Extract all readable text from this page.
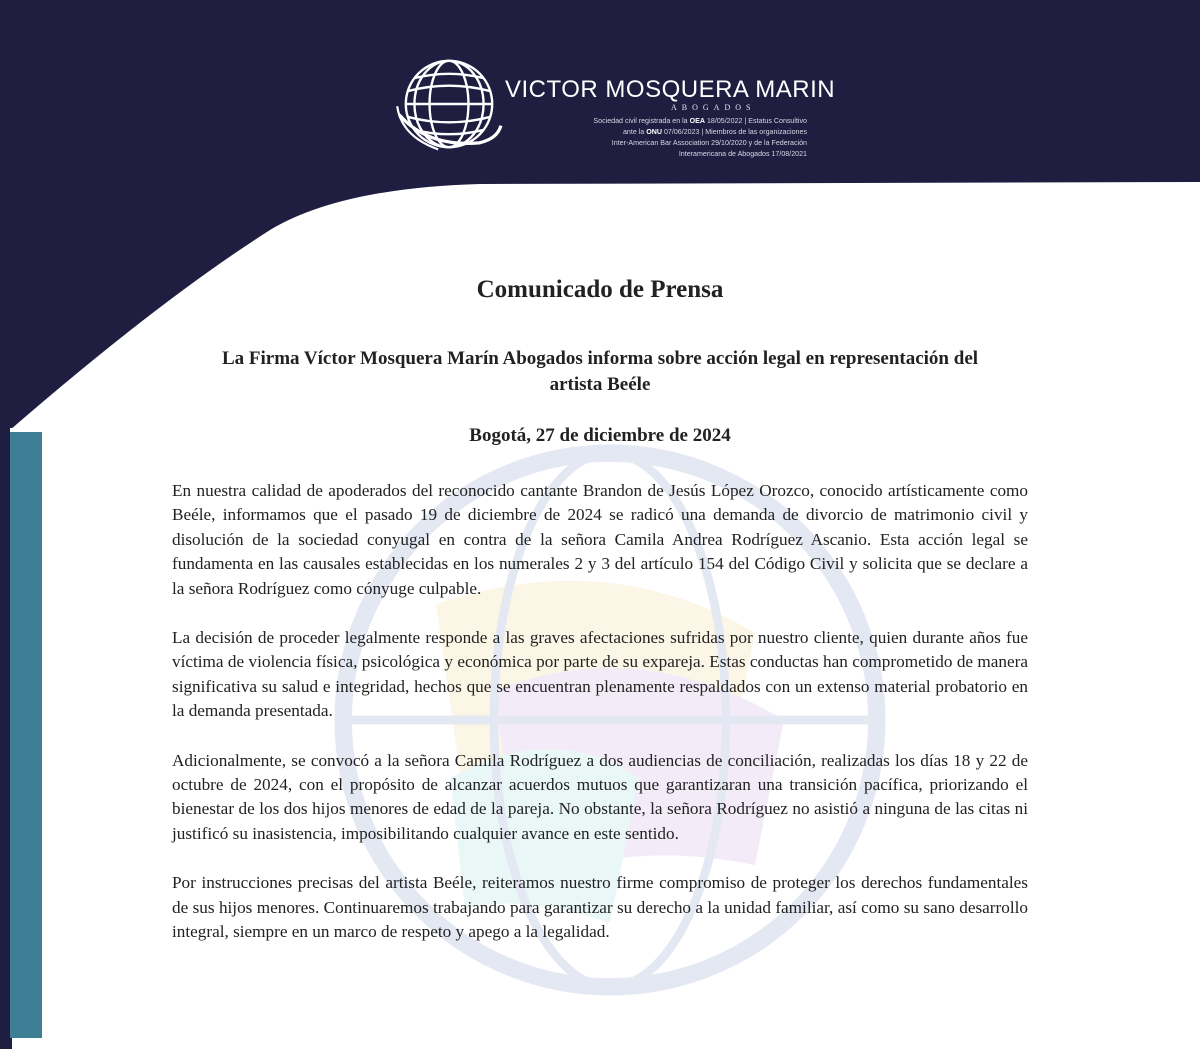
VICTOR MOSQUERA MARIN
ABOGADOS
Sociedad civil registrada en la OEA 18/05/2022 | Estatus Consultivo
ante la ONU 07/06/2023 | Miembros de las organizaciones
Inter-American Bar Association 29/10/2020 y de la Federación
Interamericana de Abogados 17/08/2021
Comunicado de Prensa
La Firma Víctor Mosquera Marín Abogados informa sobre acción legal en representación del artista Beéle
Bogotá, 27 de diciembre de 2024

En nuestra calidad de apoderados del reconocido cantante Brandon de Jesús López Orozco, conocido artísticamente como Beéle, informamos que el pasado 19 de diciembre de 2024 se radicó una demanda de divorcio de matrimonio civil y disolución de la sociedad conyugal en contra de la señora Camila Andrea Rodríguez Ascanio. Esta acción legal se fundamenta en las causales establecidas en los numerales 2 y 3 del artículo 154 del Código Civil y solicita que se declare a la señora Rodríguez como cónyuge culpable.

La decisión de proceder legalmente responde a las graves afectaciones sufridas por nuestro cliente, quien durante años fue víctima de violencia física, psicológica y económica por parte de su expareja. Estas conductas han comprometido de manera significativa su salud e integridad, hechos que se encuentran plenamente respaldados con un extenso material probatorio en la demanda presentada.

Adicionalmente, se convocó a la señora Camila Rodríguez a dos audiencias de conciliación, realizadas los días 18 y 22 de octubre de 2024, con el propósito de alcanzar acuerdos mutuos que garantizaran una transición pacífica, priorizando el bienestar de los dos hijos menores de edad de la pareja. No obstante, la señora Rodríguez no asistió a ninguna de las citas ni justificó su inasistencia, imposibilitando cualquier avance en este sentido.

Por instrucciones precisas del artista Beéle, reiteramos nuestro firme compromiso de proteger los derechos fundamentales de sus hijos menores. Continuaremos trabajando para garantizar su derecho a la unidad familiar, así como su sano desarrollo integral, siempre en un marco de respeto y apego a la legalidad.
